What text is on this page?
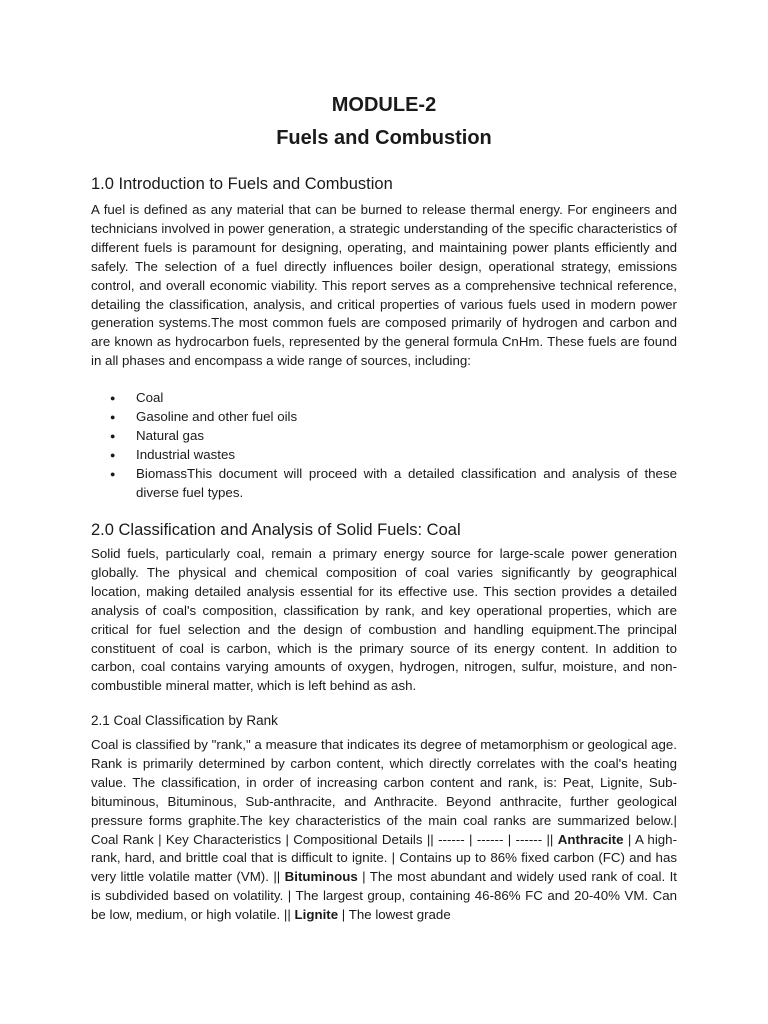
MODULE-2
Fuels and Combustion
1.0 Introduction to Fuels and Combustion
A fuel is defined as any material that can be burned to release thermal energy. For engineers and technicians involved in power generation, a strategic understanding of the specific characteristics of different fuels is paramount for designing, operating, and maintaining power plants efficiently and safely. The selection of a fuel directly influences boiler design, operational strategy, emissions control, and overall economic viability. This report serves as a comprehensive technical reference, detailing the classification, analysis, and critical properties of various fuels used in modern power generation systems.The most common fuels are composed primarily of hydrogen and carbon and are known as hydrocarbon fuels, represented by the general formula CnHm. These fuels are found in all phases and encompass a wide range of sources, including:
● Coal
● Gasoline and other fuel oils
● Natural gas
● Industrial wastes
● BiomassThis document will proceed with a detailed classification and analysis of these diverse fuel types.
2.0 Classification and Analysis of Solid Fuels: Coal
Solid fuels, particularly coal, remain a primary energy source for large-scale power generation globally. The physical and chemical composition of coal varies significantly by geographical location, making detailed analysis essential for its effective use. This section provides a detailed analysis of coal's composition, classification by rank, and key operational properties, which are critical for fuel selection and the design of combustion and handling equipment.The principal constituent of coal is carbon, which is the primary source of its energy content. In addition to carbon, coal contains varying amounts of oxygen, hydrogen, nitrogen, sulfur, moisture, and non-combustible mineral matter, which is left behind as ash.
2.1 Coal Classification by Rank
Coal is classified by "rank," a measure that indicates its degree of metamorphism or geological age. Rank is primarily determined by carbon content, which directly correlates with the coal's heating value. The classification, in order of increasing carbon content and rank, is: Peat, Lignite, Sub-bituminous, Bituminous, Sub-anthracite, and Anthracite. Beyond anthracite, further geological pressure forms graphite.The key characteristics of the main coal ranks are summarized below.| Coal Rank | Key Characteristics | Compositional Details || ------ | ------ | ------ || Anthracite | A high-rank, hard, and brittle coal that is difficult to ignite. | Contains up to 86% fixed carbon (FC) and has very little volatile matter (VM). || Bituminous | The most abundant and widely used rank of coal. It is subdivided based on volatility. | The largest group, containing 46-86% FC and 20-40% VM. Can be low, medium, or high volatile. || Lignite | The lowest grade
